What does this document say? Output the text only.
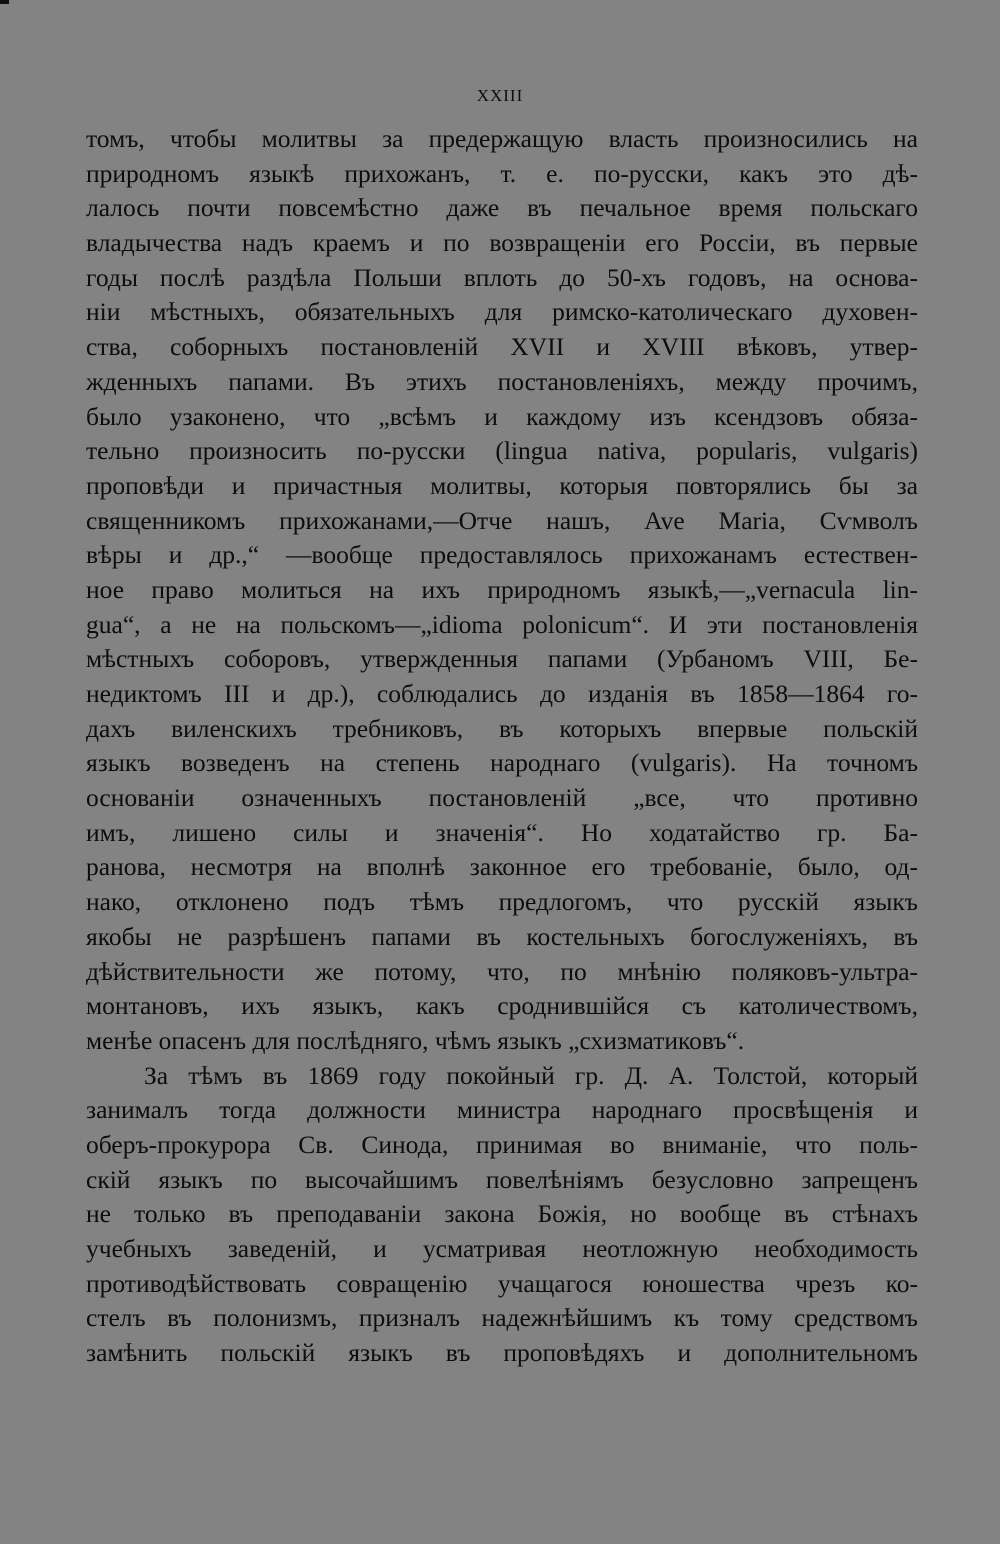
XXIII
томъ, чтобы молитвы за предержащую власть произносились на
природномъ языкѣ прихожанъ, т. е. по-русски, какъ это дѣ-
лалось почти повсемѣстно даже въ печальное время польскаго
владычества надъ краемъ и по возвращеніи его Россіи, въ первые
годы послѣ раздѣла Польши вплоть до 50-хъ годовъ, на основа-
ніи мѣстныхъ, обязательныхъ для римско-католическаго духовен-
ства, соборныхъ постановленій XVII и XVIII вѣковъ, утвер-
жденныхъ папами. Въ этихъ постановленіяхъ, между прочимъ,
было узаконено, что „всѣмъ и каждому изъ ксендзовъ обяза-
тельно произносить по-русски (lingua nativa, popularis, vulgaris)
проповѣди и причастныя молитвы, которыя повторялись бы за
священникомъ прихожанами,—Отче нашъ, Ave Maria, Сѵмволъ
вѣры и др.,“ —вообще предоставлялось прихожанамъ естествен-
ное право молиться на ихъ природномъ языкѣ,—„vernacula lin-
gua“, а не на польскомъ—„idioma polonicum“. И эти постановленія
мѣстныхъ соборовъ, утвержденныя папами (Урбаномъ VIII, Бе-
недиктомъ III и др.), соблюдались до изданія въ 1858—1864 го-
дахъ виленскихъ требниковъ, въ которыхъ впервые польскій
языкъ возведенъ на степень народнаго (vulgaris). На точномъ
основаніи означенныхъ постановленій „все, что противно
имъ, лишено силы и значенія“. Но ходатайство гр. Ба-
ранова, несмотря на вполнѣ законное его требованіе, было, од-
нако, отклонено подъ тѣмъ предлогомъ, что русскій языкъ
якобы не разрѣшенъ папами въ костельныхъ богослуженіяхъ, въ
дѣйствительности же потому, что, по мнѣнію поляковъ-ультра-
монтановъ, ихъ языкъ, какъ сроднившійся съ католичествомъ,
менѣе опасенъ для послѣдняго, чѣмъ языкъ „схизматиковъ“.
За тѣмъ въ 1869 году покойный гр. Д. А. Толстой, который
занималъ тогда должности министра народнаго просвѣщенія и
оберъ-прокурора Св. Синода, принимая во вниманіе, что поль-
скій языкъ по высочайшимъ повелѣніямъ безусловно запрещенъ
не только въ преподаваніи закона Божія, но вообще въ стѣнахъ
учебныхъ заведеній, и усматривая неотложную необходимость
противодѣйствовать совращенію учащагося юношества чрезъ ко-
стелъ въ полонизмъ, призналъ надежнѣйшимъ къ тому средствомъ
замѣнить польскій языкъ въ проповѣдяхъ и дополнительномъ
